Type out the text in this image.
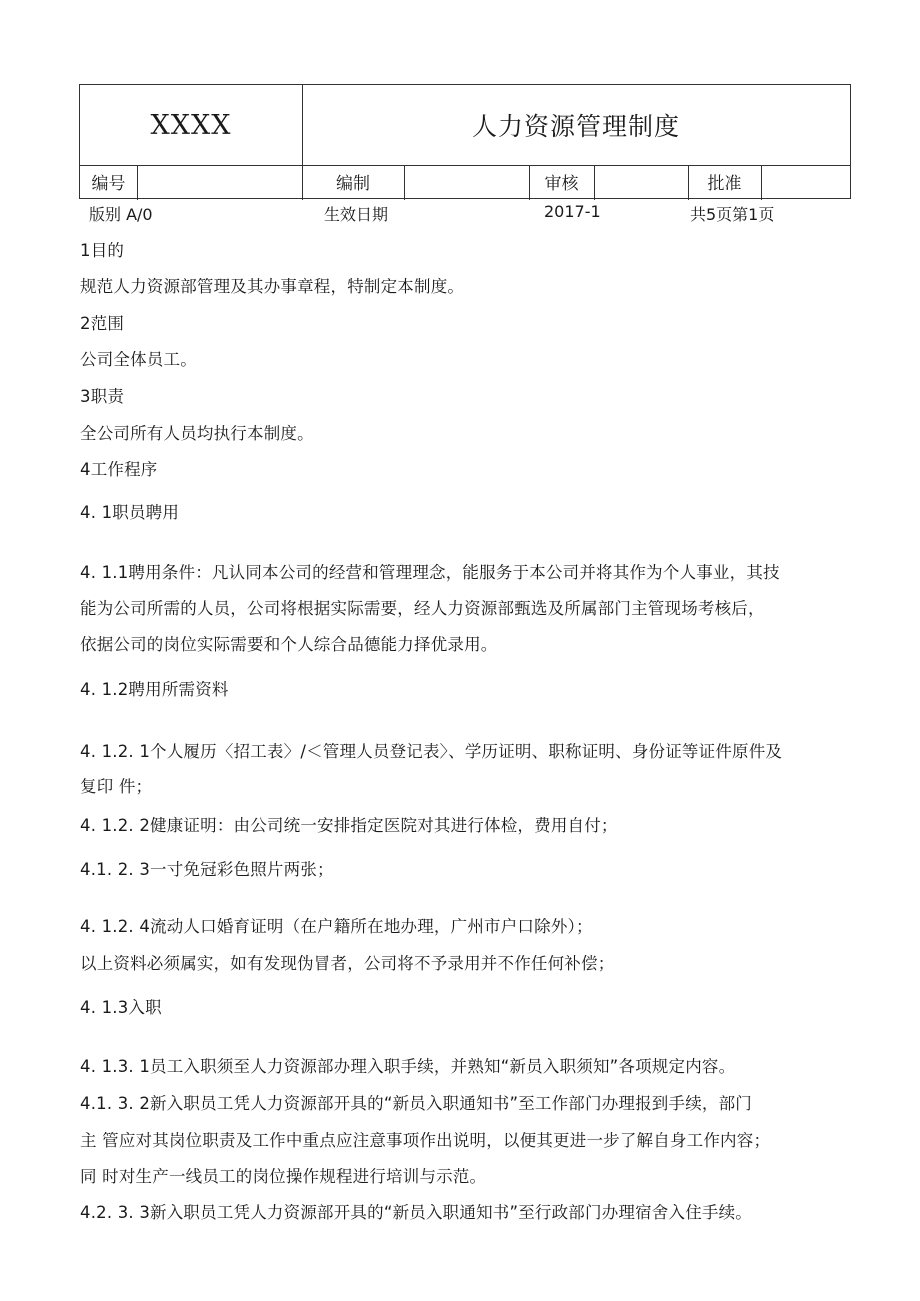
XXXX	人力资源管理制度
编号	编制	审核	批准
版别 A/0	生效日期	2017-1	共5页第1页
1目的
规范人力资源部管理及其办事章程，特制定本制度。
2范围
公司全体员工。
3职责
全公司所有人员均执行本制度。
4工作程序
4. 1职员聘用
4. 1.1聘用条件：凡认同本公司的经营和管理理念，能服务于本公司并将其作为个人事业，其技
能为公司所需的人员，公司将根据实际需要，经人力资源部甄选及所属部门主管现场考核后，
依据公司的岗位实际需要和个人综合品德能力择优录用。
4. 1.2聘用所需资料
4. 1.2. 1个人履历〈招工表〉/＜管理人员登记表〉、学历证明、职称证明、身份证等证件原件及
复印 件；
4. 1.2. 2健康证明：由公司统一安排指定医院对其进行体检，费用自付；
4.1. 2. 3一寸免冠彩色照片两张；
4. 1.2. 4流动人口婚育证明（在户籍所在地办理，广州市户口除外）；
以上资料必须属实，如有发现伪冒者，公司将不予录用并不作任何补偿；
4. 1.3入职
4. 1.3. 1员工入职须至人力资源部办理入职手续，并熟知“新员入职须知”各项规定内容。
4.1. 3. 2新入职员工凭人力资源部开具的“新员入职通知书”至工作部门办理报到手续，部门
主 管应对其岗位职责及工作中重点应注意事项作出说明，以便其更进一步了解自身工作内容；
同 时对生产一线员工的岗位操作规程进行培训与示范。
4.2. 3. 3新入职员工凭人力资源部开具的“新员入职通知书”至行政部门办理宿舍入住手续。
